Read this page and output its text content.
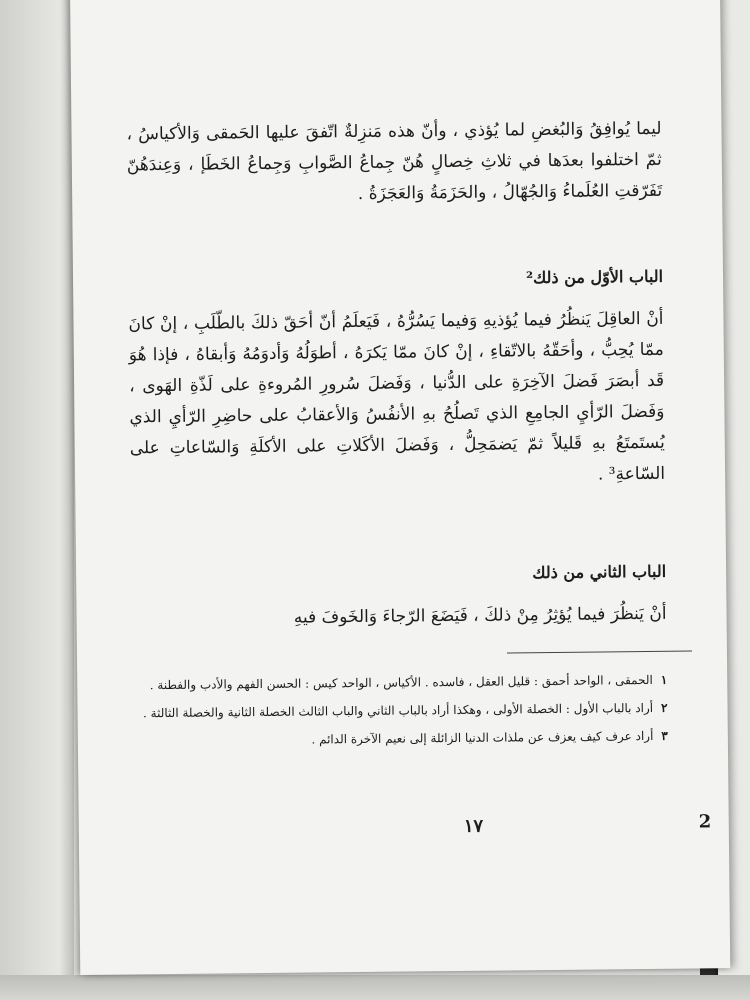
ليما يُوافِقُ وَالبُغضِ لما يُؤذي ، وأنّ هذه مَنزِلةٌ اتّفقَ عليها الحَمقى وَالأكياسُ ، ثمّ اختلفوا بعدَها في ثلاثِ خِصالٍ هُنّ جِماعُ الصَّوابِ وَجِماعُ الخَطَإ ، وَعِندَهُنّ تَفَرّقتِ العُلَماءُ وَالجُهّالُ ، والحَزَمَةُ وَالعَجَزَةُ .
الباب الأوّل من ذلك²
أنْ العاقِلَ يَنظُرُ فيما يُؤذيهِ وَفيما يَسُرُّهُ ، فَيَعلَمُ أنّ أحَقّ ذلكَ بالطّلَبِ ، إنْ كانَ ممّا يُحِبُّ ، وأحَقّهُ بالاتّقاءِ ، إنْ كانَ ممّا يَكرَهُ ، أطوَلُهُ وَأدوَمُهُ وَأبقاهُ ، فإذا هُوَ قَد أبصَرَ فَضلَ الآخِرَةِ على الدُّنيا ، وَفَضلَ سُرورِ المُروءةِ على لَذّةِ الهَوى ، وَفَضلَ الرّأيِ الجامِعِ الذي تَصلُحُ بهِ الأنفُسُ وَالأعقابُ على حاضِرِ الرّأيِ الذي يُستَمتَعُ بهِ قَليلاً ثمّ يَضمَحِلُّ ، وَفَضلَ الأكَلاتِ على الأكلَةِ وَالسّاعاتِ على السّاعةِ³ .
الباب الثاني من ذلك
أنْ يَنظُرَ فيما يُؤثِرُ مِنْ ذلكَ ، فَيَضَعَ الرّجاءَ وَالخَوفَ فيهِ
١
الحمقى ، الواحد أحمق : قليل العقل ، فاسده . الأكياس ، الواحد كيس : الحسن الفهم والأدب والفطنة .
٢
أراد بالباب الأول : الخصلة الأولى ، وهكذا أراد بالباب الثاني والباب الثالث الخصلة الثانية والخصلة الثالثة .
٣
أراد عرف كيف يعزف عن ملذات الدنيا الزائلة إلى نعيم الآخرة الدائم .
١٧	2
